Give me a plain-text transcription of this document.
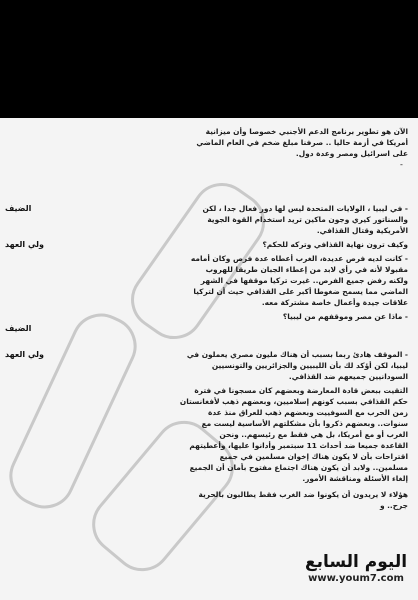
الآن هو تطوير برنامج الدعم الأجنبي خصوصا وأن ميزانية
أمريكا في أزمة حاليا .. صرفنا مبلغ ضخم في العام الماضي
على اسرائيل ومصر وعدة دول.
-
الضيف	- في ليبيا ، الولايات المتحدة ليس لها دور فعال جدا ، لكن
والسناتور كيري وجون ماكين تريد استخدام القوة الجوية
الأمريكية وقتال القذافي.
ولي العهد	وكيف ترون نهاية القذافي وتركه للحكم؟
- كانت لديه فرص عديدة، الغرب أعطاه عدة فرص وكان أمامه
مقبولا لأنه في رأي لابد من إعطاء الجبان طريقا للهروب
ولكنه رفض جميع الفرص.. غيرت تركيا موقفها في الشهر
الماضي مما يسمح ضغوطا أكبر على القذافي حيث أن لتركيا
علاقات جيدة وأعمال خاصة مشتركة معه.
- ماذا عن مصر وموقفهم من ليبيا؟
الضيف
ولي العهد	- الموقف هادئ ربما بسبب أن هناك مليون مصري يعملون في
ليبيا، لكن أؤكد لك بأن الليبيين والجزائريين والتونسيين
السودانيين جميعهم ضد القذافي.
التقيت ببعض قادة المعارضة وبعضهم كان مسجونا في فترة
حكم القذافي بسبب كونهم إسلاميين، وبعضهم ذهب لأفغانستان
زمن الحرب مع السوفييت وبعضهم ذهب للعراق منذ عدة
سنوات.. وبعضهم ذكروا بأن مشكلتهم الأساسية ليست مع
الغرب أو مع أمريكا، بل هي فقط مع رئيسهم.. ونحن
القاعدة جميعا ضد أحداث 11 سبتمبر وأدانوا عليها، وأعطيتهم
اقتراحات بأن لا يكون هناك إخوان مسلمين في جميع
مسلمين.. ولابد أن يكون هناك اجتماع مفتوح بأمان أن الجميع
إلغاء الأسئلة ومناقشة الأمور.
هؤلاء لا يريدون أن يكونوا ضد الغرب فقط يطالبون بالحرية
جرح.. و
اليوم السابع
www.youm7.com
